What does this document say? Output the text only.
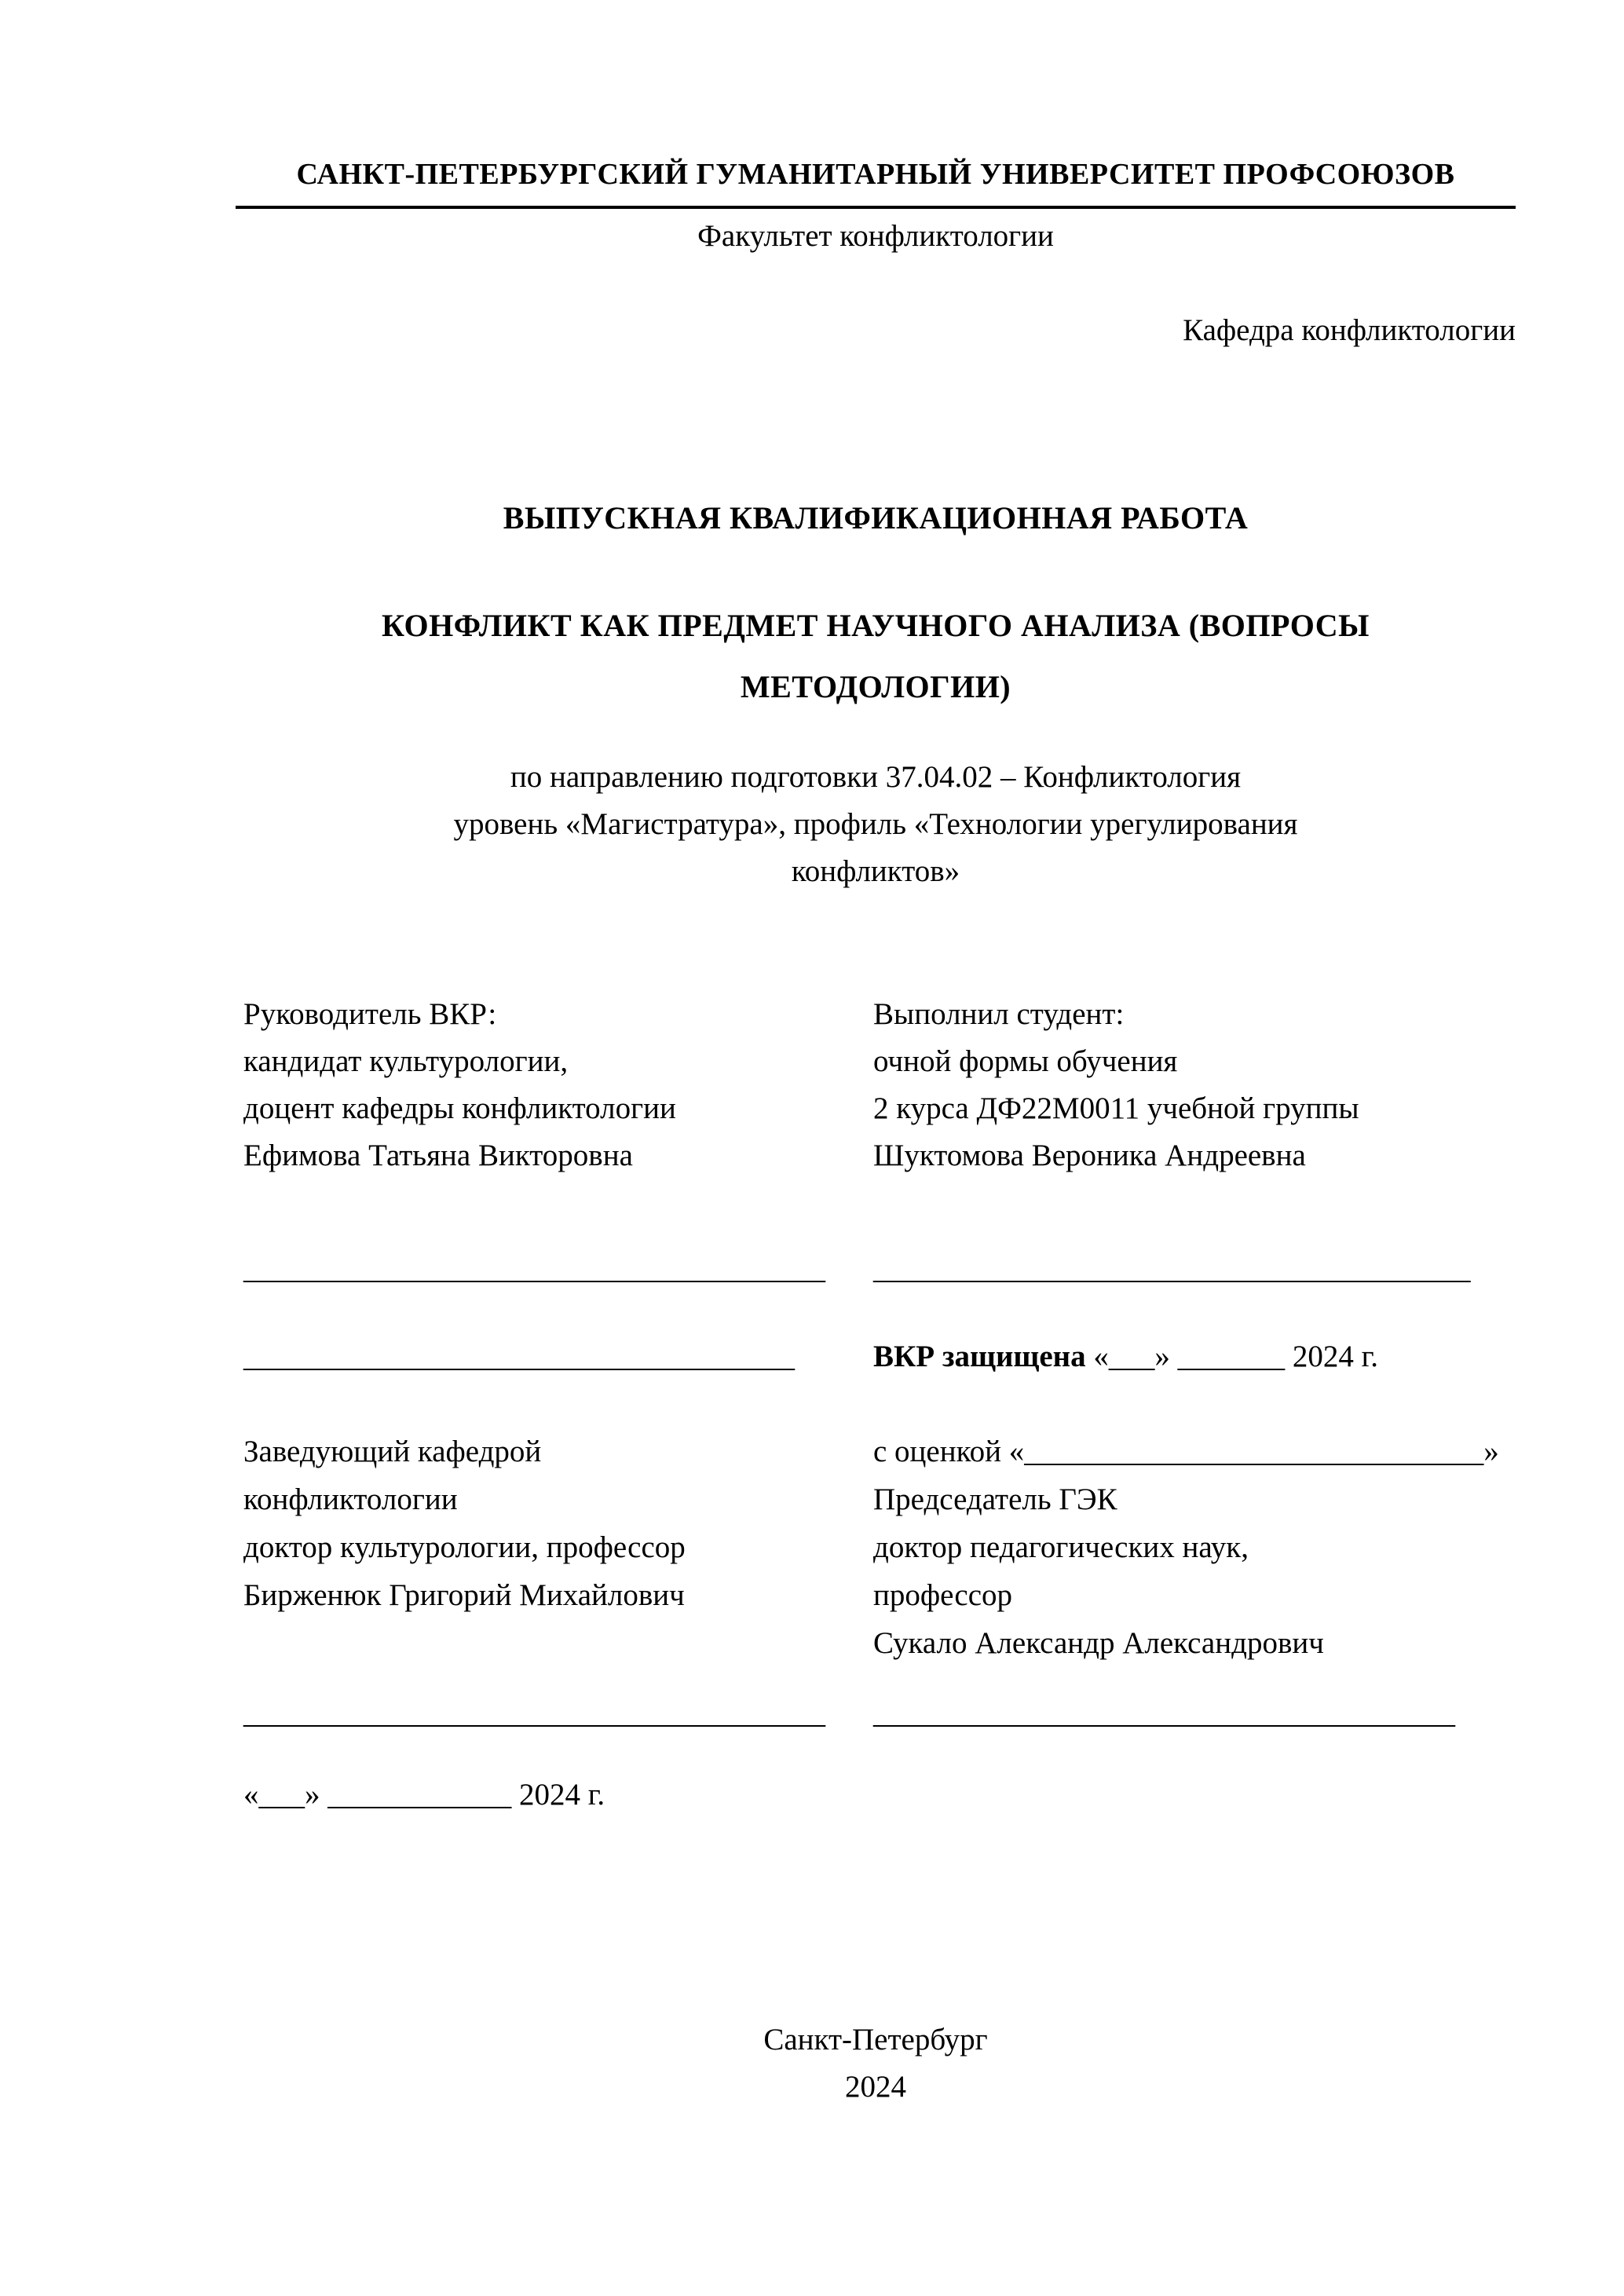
САНКТ-ПЕТЕРБУРГСКИЙ ГУМАНИТАРНЫЙ УНИВЕРСИТЕТ ПРОФСОЮЗОВ
Факультет конфликтологии
Кафедра конфликтологии
ВЫПУСКНАЯ КВАЛИФИКАЦИОННАЯ РАБОТА
КОНФЛИКТ КАК ПРЕДМЕТ НАУЧНОГО АНАЛИЗА (ВОПРОСЫ
МЕТОДОЛОГИИ)
по направлению подготовки 37.04.02 – Конфликтология
уровень «Магистратура», профиль «Технологии урегулирования
конфликтов»
Руководитель ВКР:
кандидат культурологии,
доцент кафедры конфликтологии
Ефимова Татьяна Викторовна
Выполнил студент:
очной формы обучения
2 курса ДФ22М0011 учебной группы
Шуктомова Вероника Андреевна
______________________________________	_______________________________________
____________________________________	ВКР защищена «___» _______ 2024 г.
Заведующий кафедрой
конфликтологии
доктор культурологии, профессор
Бирженюк Григорий Михайлович
с оценкой «______________________________»
Председатель ГЭК
доктор педагогических наук,
профессор
Сукало Александр Александрович
______________________________________	______________________________________
«___» ____________ 2024 г.
Санкт-Петербург
2024
